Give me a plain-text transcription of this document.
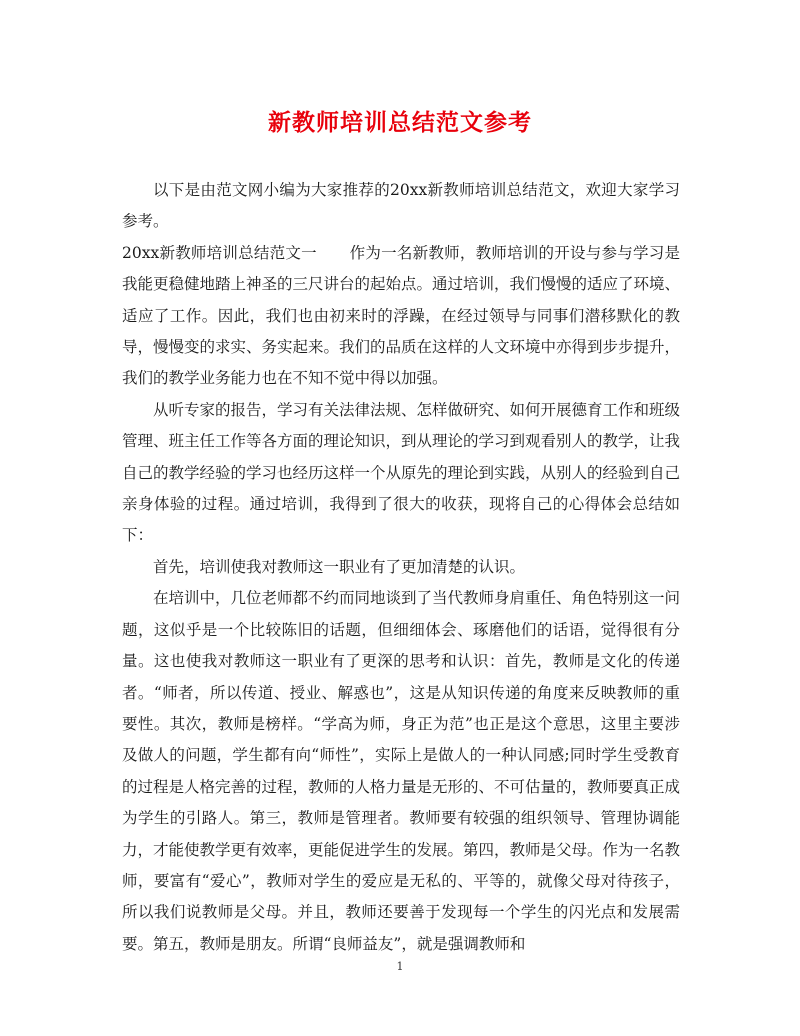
新教师培训总结范文参考

以下是由范文网小编为大家推荐的20xx新教师培训总结范文，欢迎大家学习参考。

20xx新教师培训总结范文一 作为一名新教师，教师培训的开设与参与学习是我能更稳健地踏上神圣的三尺讲台的起始点。通过培训，我们慢慢的适应了环境、适应了工作。因此，我们也由初来时的浮躁，在经过领导与同事们潜移默化的教导，慢慢变的求实、务实起来。我们的品质在这样的人文环境中亦得到步步提升，我们的教学业务能力也在不知不觉中得以加强。

从听专家的报告，学习有关法律法规、怎样做研究、如何开展德育工作和班级管理、班主任工作等各方面的理论知识，到从理论的学习到观看别人的教学，让我自己的教学经验的学习也经历这样一个从原先的理论到实践，从别人的经验到自己亲身体验的过程。通过培训，我得到了很大的收获，现将自己的心得体会总结如下：

首先，培训使我对教师这一职业有了更加清楚的认识。

在培训中，几位老师都不约而同地谈到了当代教师身肩重任、角色特别这一问题，这似乎是一个比较陈旧的话题，但细细体会、琢磨他们的话语，觉得很有分量。这也使我对教师这一职业有了更深的思考和认识：首先，教师是文化的传递者。“师者，所以传道、授业、解惑也”，这是从知识传递的角度来反映教师的重要性。其次，教师是榜样。“学高为师，身正为范”也正是这个意思，这里主要涉及做人的问题，学生都有向“师性”，实际上是做人的一种认同感;同时学生受教育的过程是人格完善的过程，教师的人格力量是无形的、不可估量的，教师要真正成为学生的引路人。第三，教师是管理者。教师要有较强的组织领导、管理协调能力，才能使教学更有效率，更能促进学生的发展。第四，教师是父母。作为一名教师，要富有“爱心”，教师对学生的爱应是无私的、平等的，就像父母对待孩子，所以我们说教师是父母。并且，教师还要善于发现每一个学生的闪光点和发展需要。第五，教师是朋友。所谓“良师益友”，就是强调教师和

1
